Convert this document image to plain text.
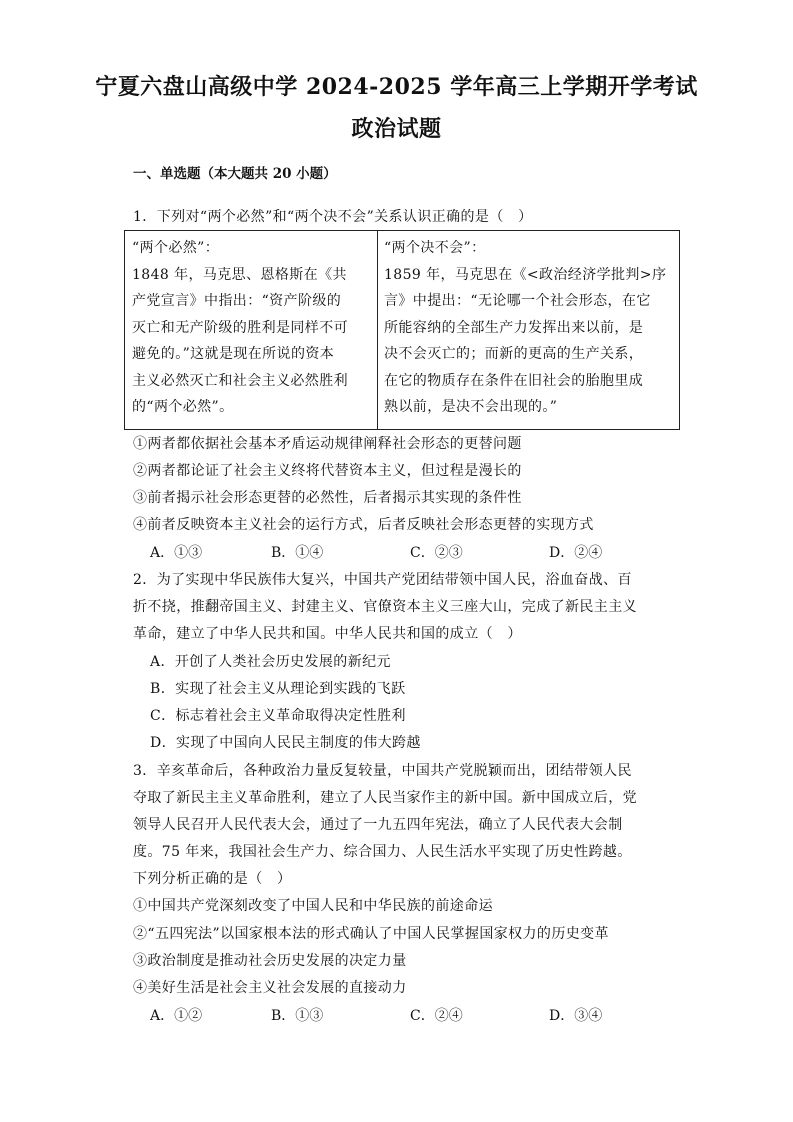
宁夏六盘山高级中学 2024-2025 学年高三上学期开学考试
政治试题
一、单选题（本大题共 20 小题）
1．下列对“两个必然”和“两个决不会”关系认识正确的是（　）
“两个必然”：
1848 年，马克思、恩格斯在《共
产党宣言》中指出：“资产阶级的
灭亡和无产阶级的胜利是同样不可
避免的。”这就是现在所说的资本
主义必然灭亡和社会主义必然胜利
的“两个必然”。
“两个决不会”：
1859 年，马克思在《<政治经济学批判>序
言》中提出：“无论哪一个社会形态，在它
所能容纳的全部生产力发挥出来以前，是
决不会灭亡的；而新的更高的生产关系，
在它的物质存在条件在旧社会的胎胞里成
熟以前，是决不会出现的。”
①两者都依据社会基本矛盾运动规律阐释社会形态的更替问题
②两者都论证了社会主义终将代替资本主义，但过程是漫长的
③前者揭示社会形态更替的必然性，后者揭示其实现的条件性
④前者反映资本主义社会的运行方式，后者反映社会形态更替的实现方式
A．①③	B．①④	C．②③	D．②④
2．为了实现中华民族伟大复兴，中国共产党团结带领中国人民，浴血奋战、百
折不挠，推翻帝国主义、封建主义、官僚资本主义三座大山，完成了新民主主义
革命，建立了中华人民共和国。中华人民共和国的成立（　）
A．开创了人类社会历史发展的新纪元
B．实现了社会主义从理论到实践的飞跃
C．标志着社会主义革命取得决定性胜利
D．实现了中国向人民民主制度的伟大跨越
3．辛亥革命后，各种政治力量反复较量，中国共产党脱颖而出，团结带领人民
夺取了新民主主义革命胜利，建立了人民当家作主的新中国。新中国成立后，党
领导人民召开人民代表大会，通过了一九五四年宪法，确立了人民代表大会制
度。75 年来，我国社会生产力、综合国力、人民生活水平实现了历史性跨越。
下列分析正确的是（　）
①中国共产党深刻改变了中国人民和中华民族的前途命运
②“五四宪法”以国家根本法的形式确认了中国人民掌握国家权力的历史变革
③政治制度是推动社会历史发展的决定力量
④美好生活是社会主义社会发展的直接动力
A．①②	B．①③	C．②④	D．③④
